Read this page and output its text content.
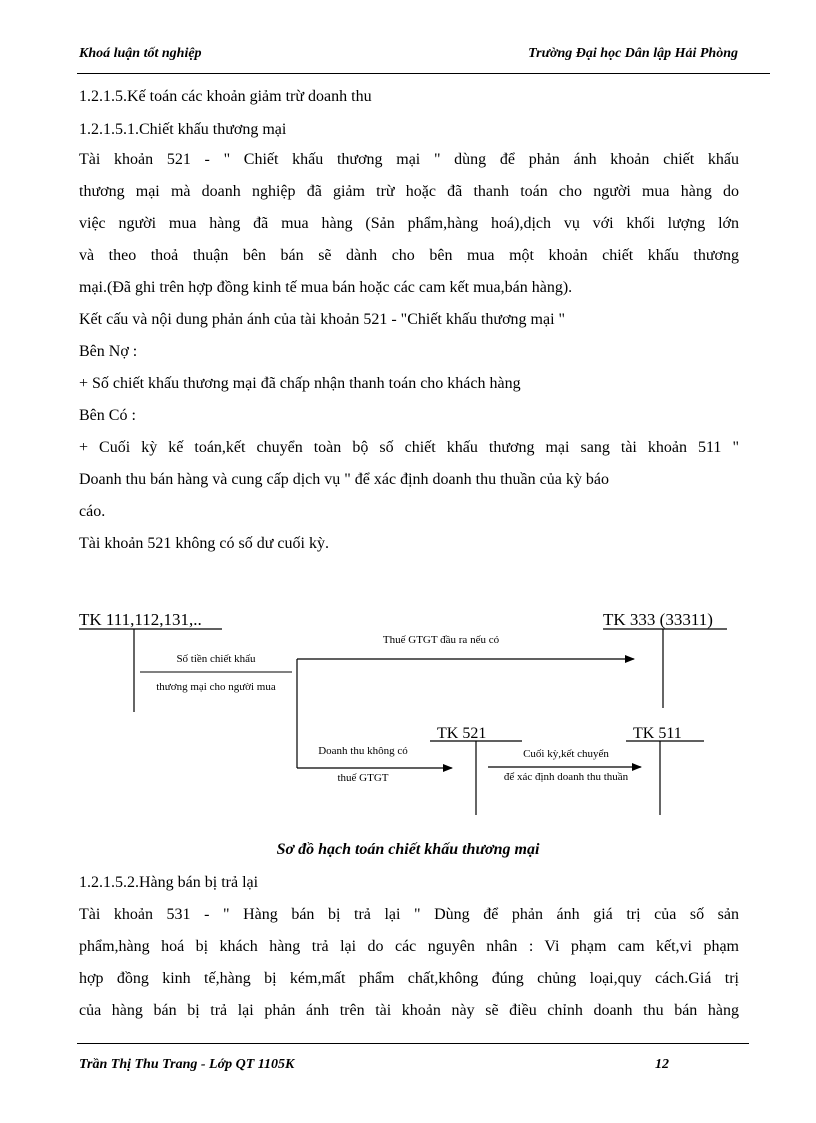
Khoá luận tốt nghiệp	Trường Đại học Dân lập Hải Phòng
1.2.1.5.Kế toán các khoản giảm trừ doanh thu
1.2.1.5.1.Chiết khấu thương mại
Tài khoản 521 - " Chiết khấu thương mại " dùng để phản ánh khoản chiết khấu
thương mại mà doanh nghiệp đã giảm trừ hoặc đã thanh toán cho người mua hàng do
việc người mua hàng đã mua hàng (Sản phẩm,hàng hoá),dịch vụ với khối lượng lớn
và theo thoả thuận bên bán sẽ dành cho bên mua một khoản chiết khấu thương
mại.(Đã ghi trên hợp đồng kinh tế mua bán hoặc các cam kết mua,bán hàng).
Kết cấu và nội dung phản ánh của tài khoản 521 - "Chiết khấu thương mại "
Bên Nợ :
+ Số chiết khấu thương mại đã chấp nhận thanh toán cho khách hàng
Bên Có :
+ Cuối kỳ kế toán,kết chuyển toàn bộ số chiết khấu thương mại sang tài khoản 511 "
Doanh thu bán hàng và cung cấp dịch vụ " để xác định doanh thu thuần của kỳ báo
cáo.
Tài khoản 521 không có số dư cuối kỳ.
TK 111,112,131,..	TK 333 (33311)
Số tiền chiết khấu
thương mại cho người mua
Thuế GTGT đầu ra nếu có
TK 521	TK 511
Doanh thu không có
thuế GTGT
Cuối kỳ,kết chuyển
để xác định doanh thu thuần
Sơ đồ hạch toán chiết khấu thương mại
1.2.1.5.2.Hàng bán bị trả lại
Tài khoản 531 - " Hàng bán bị trả lại " Dùng để phản ánh giá trị của số sản
phẩm,hàng hoá bị khách hàng trả lại do các nguyên nhân : Vi phạm cam kết,vi phạm
hợp đồng kinh tế,hàng bị kém,mất phẩm chất,không đúng chủng loại,quy cách.Giá trị
của hàng bán bị trả lại phản ánh trên tài khoản này sẽ điều chỉnh doanh thu bán hàng
Trần Thị Thu Trang - Lớp QT 1105K	12
